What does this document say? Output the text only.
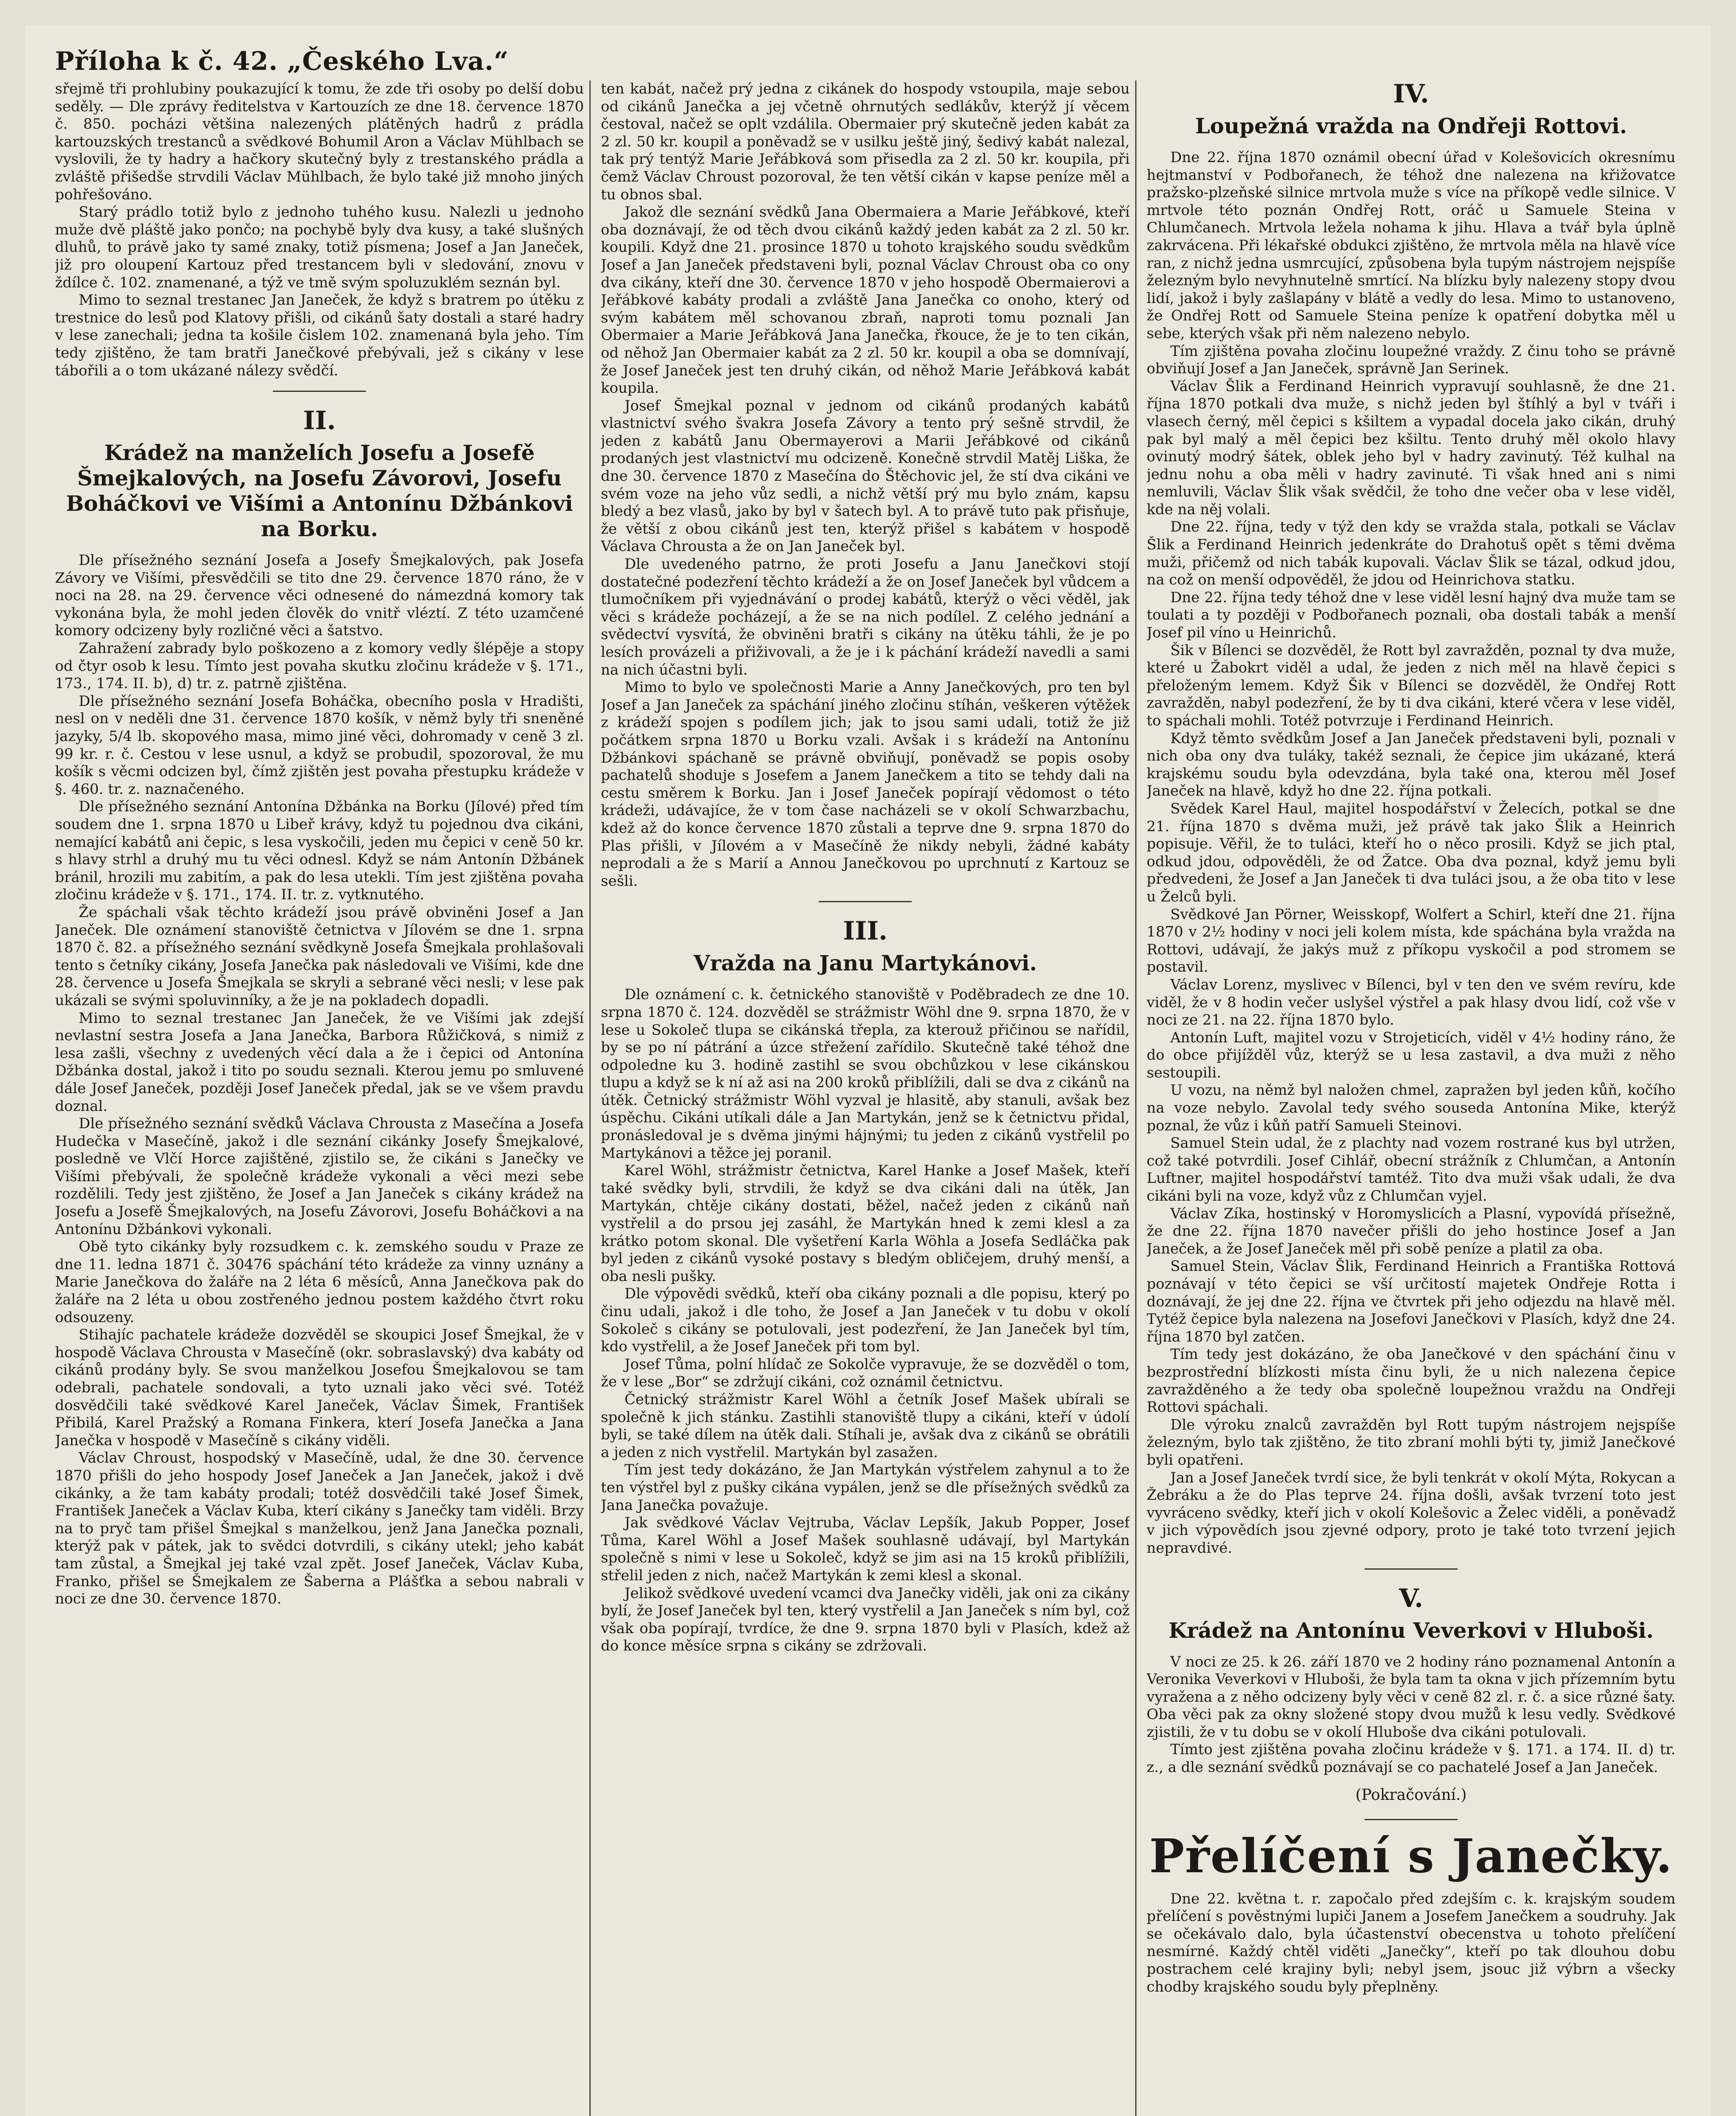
Příloha k č. 42. „Českého Lva.“

sřejmě tři prohlubiny poukazující k tomu, že zde tři osoby po delší dobu seděly. — Dle zprávy ředitelstva v Kartouzích ze dne 18. července 1870 č. 850. pocházi většina nalezených plátěných hadrů z prádla kartouzských trestanců a svědkové Bohumil Aron a Václav Mühlbach se vyslovili, že ty hadry a hačkory skutečný byly z trestanského prádla a zvláště přišedše strvdili Václav Mühlbach, že bylo také již mnoho jiných pohřešováno.

Starý prádlo totiž bylo z jednoho tuhého kusu. Nalezli u jednoho muže dvě pláště jako pončo; na pochybě byly dva kusy, a také slušných dluhů, to právě jako ty samé znaky, totiž písmena; Josef a Jan Janeček, již pro oloupení Kartouz před trestancem byli v sledování, znovu v ždílce č. 102. znamenané, a týž ve tmě svým spoluzuklém seznán byl.

Mimo to seznal trestanec Jan Janeček, že když s bratrem po útěku z trestnice do lesů pod Klatovy přišli, od cikánů šaty dostali a staré hadry v lese zanechali; jedna ta košile čislem 102. znamenaná byla jeho. Tím tedy zjištěno, že tam bratři Janečkové přebývali, jež s cikány v lese tábořili a o tom ukázané nálezy svědčí.

II.
Krádež na manželích Josefu a Josefě Šmejkalových, na Josefu Závorovi, Josefu Boháčkovi ve Višími a Antonínu Džbánkovi na Borku.

Dle přísežného seznání Josefa a Josefy Šmejkalových, pak Josefa Závory ve Višími, přesvědčili se tito dne 29. července 1870 ráno, že v noci na 28. na 29. července věci odnesené do námezdná komory tak vykonána byla, že mohl jeden člověk do vnitř vléztí. Z této uzamčené komory odcizeny byly rozličné věci a šatstvo.

Zahražení zabrady bylo poškozeno a z komory vedly šlépěje a stopy od čtyr osob k lesu. Tímto jest povaha skutku zločinu krádeže v §. 171., 173., 174. II. b), d) tr. z. patrně zjištěna.

Dle přísežného seznání Josefa Boháčka, obecního posla v Hradišti, nesl on v neděli dne 31. července 1870 košík, v němž byly tři sneněné jazyky, 5/4 lb. skopového masa, mimo jiné věci, dohromady v ceně 3 zl. 99 kr. r. č. Cestou v lese usnul, a když se probudil, spozoroval, že mu košík s věcmi odcizen byl, čímž zjištěn jest povaha přestupku krádeže v §. 460. tr. z. naznačeného.

Dle přísežného seznání Antonína Džbánka na Borku (Jílové) před tím soudem dne 1. srpna 1870 u Libeř krávy, když tu pojednou dva cikáni, nemající kabátů ani čepic, s lesa vyskočili, jeden mu čepici v ceně 50 kr. s hlavy strhl a druhý mu tu věci odnesl. Když se nám Antonín Džbánek bránil, hrozili mu zabitím, a pak do lesa utekli. Tím jest zjištěna povaha zločinu krádeže v §. 171., 174. II. tr. z. vytknutého.

Že spáchali však těchto krádeží jsou právě obviněni Josef a Jan Janeček. Dle oznámení stanoviště četnictva v Jílovém se dne 1. srpna 1870 č. 82. a přísežného seznání svědkyně Josefa Šmejkala prohlašovali tento s četníky cikány, Josefa Janečka pak následovali ve Višími, kde dne 28. července u Josefa Šmejkala se skryli a sebrané věci nesli; v lese pak ukázali se svými spoluvinníky, a že je na pokladech dopadli.

Mimo to seznal trestanec Jan Janeček, že ve Višími jak zdejší nevlastní sestra Josefa a Jana Janečka, Barbora Růžičková, s nimiž z lesa zašli, všechny z uvedených věcí dala a že i čepici od Antonína Džbánka dostal, jakož i tito po soudu seznali. Kterou jemu po smluvené dále Josef Janeček, později Josef Janeček předal, jak se ve všem pravdu doznal.

Dle přísežného seznání svědků Václava Chrousta z Masečína a Josefa Hudečka v Masečíně, jakož i dle seznání cikánky Josefy Šmejkalové, posledně ve Vlčí Horce zajištěné, zjistilo se, že cikáni s Janečky ve Višími přebývali, že společně krádeže vykonali a věci mezi sebe rozdělili. Tedy jest zjištěno, že Josef a Jan Janeček s cikány krádež na Josefu a Josefě Šmejkalových, na Josefu Závorovi, Josefu Boháčkovi a na Antonínu Džbánkovi vykonali.

Obě tyto cikánky byly rozsudkem c. k. zemského soudu v Praze ze dne 11. ledna 1871 č. 30476 spáchání této krádeže za vinny uznány a Marie Janečkova do žaláře na 2 léta 6 měsíců, Anna Janečkova pak do žaláře na 2 léta u obou zostřeného jednou postem každého čtvrt roku odsouzeny.

Stihajíc pachatele krádeže dozvěděl se skoupici Josef Šmejkal, že v hospodě Václava Chrousta v Masečíně (okr. sobraslavský) dva kabáty od cikánů prodány byly. Se svou manželkou Josefou Šmejkalovou se tam odebrali, pachatele sondovali, a tyto uznali jako věci své. Totéž dosvědčili také svědkové Karel Janeček, Václav Šimek, František Přibilá, Karel Pražský a Romana Finkera, kterí Josefa Janečka a Jana Janečka v hospodě v Masečíně s cikány viděli.

Václav Chroust, hospodský v Masečíně, udal, že dne 30. července 1870 přišli do jeho hospody Josef Janeček a Jan Janeček, jakož i dvě cikánky, a že tam kabáty prodali; totéž dosvědčili také Josef Šimek, František Janeček a Václav Kuba, kterí cikány s Janečky tam viděli. Brzy na to pryč tam přišel Šmejkal s manželkou, jenž Jana Janečka poznali, kterýž pak v pátek, jak to svědci dotvrdili, s cikány utekl; jeho kabát tam zůstal, a Šmejkal jej také vzal zpět. Josef Janeček, Václav Kuba, Franko, přišel se Šmejkalem ze Šaberna a Plášťka a sebou nabrali v noci ze dne 30. července 1870.

ten kabát, načež prý jedna z cikánek do hospody vstoupila, maje sebou od cikánů Janečka a jej včetně ohrnutých sedlákův, kterýž jí věcem čestoval, načež se oplt vzdálila. Obermaier prý skutečně jeden kabát za 2 zl. 50 kr. koupil a poněvadž se v usilku ještě jiný, šedivý kabát nalezal, tak prý tentýž Marie Jeřábková som přisedla za 2 zl. 50 kr. koupila, při čemž Václav Chroust pozoroval, že ten větší cikán v kapse peníze měl a tu obnos sbal.

Jakož dle seznání svědků Jana Obermaiera a Marie Jeřábkové, kteří oba doznávají, že od těch dvou cikánů každý jeden kabát za 2 zl. 50 kr. koupili. Když dne 21. prosince 1870 u tohoto krajského soudu svědkům Josef a Jan Janeček představeni byli, poznal Václav Chroust oba co ony dva cikány, kteří dne 30. července 1870 v jeho hospodě Obermaierovi a Jeřábkové kabáty prodali a zvláště Jana Janečka co onoho, který od svým kabátem měl schovanou zbraň, naproti tomu poznali Jan Obermaier a Marie Jeřábková Jana Janečka, řkouce, že je to ten cikán, od něhož Jan Obermaier kabát za 2 zl. 50 kr. koupil a oba se domnívají, že Josef Janeček jest ten druhý cikán, od něhož Marie Jeřábková kabát koupila.

Josef Šmejkal poznal v jednom od cikánů prodaných kabátů vlastnictví svého švakra Josefa Závory a tento prý sešně strvdil, že jeden z kabátů Janu Obermayerovi a Marii Jeřábkové od cikánů prodaných jest vlastnictví mu odcizeně. Konečně strvdil Matěj Liška, že dne 30. července 1870 z Masečína do Štěchovic jel, že stí dva cikáni ve svém voze na jeho vůz sedli, a nichž větší prý mu bylo znám, kapsu bledý a bez vlasů, jako by byl v šatech byl. A to právě tuto pak přisňuje, že větší z obou cikánů jest ten, kterýž přišel s kabátem v hospodě Václava Chrousta a že on Jan Janeček byl.

Dle uvedeného patrno, že proti Josefu a Janu Janečkovi stojí dostatečné podezření těchto krádeží a že on Josef Janeček byl vůdcem a tlumočníkem při vyjednávání o prodej kabátů, kterýž o věci věděl, jak věci s krádeže pocházejí, a že se na nich podílel. Z celého jednání a svědectví vysvítá, že obviněni bratři s cikány na útěku táhli, že je po lesích provázeli a přiživovali, a že je i k páchání krádeží navedli a sami na nich účastni byli.

Mimo to bylo ve společnosti Marie a Anny Janečkových, pro ten byl Josef a Jan Janeček za spáchání jiného zločinu stíhán, veškeren výtěžek z krádeží spojen s podílem jich; jak to jsou sami udali, totiž že již počátkem srpna 1870 u Borku vzali. Avšak i s krádeží na Antonínu Džbánkovi spáchaně se právně obviňují, poněvadž se popis osoby pachatelů shoduje s Josefem a Janem Janečkem a tito se tehdy dali na cestu směrem k Borku. Jan i Josef Janeček popírají vědomost o této krádeži, udávajíce, že v tom čase nacházeli se v okolí Schwarzbachu, kdež až do konce července 1870 zůstali a teprve dne 9. srpna 1870 do Plas přišli, v Jílovém a v Masečíně že nikdy nebyli, žádné kabáty neprodali a že s Marií a Annou Janečkovou po uprchnutí z Kartouz se sešli.

III.
Vražda na Janu Martykánovi.

Dle oznámení c. k. četnického stanoviště v Poděbradech ze dne 10. srpna 1870 č. 124. dozvěděl se strážmistr Wöhl dne 9. srpna 1870, že v lese u Sokoleč tlupa se cikánská třepla, za kterouž přičinou se nařídil, by se po ní pátrání a úzce střežení zařídilo. Skutečně také téhož dne odpoledne ku 3. hodině zastihl se svou obchůzkou v lese cikánskou tlupu a když se k ní až asi na 200 kroků přiblížili, dali se dva z cikánů na útěk. Četnický strážmistr Wöhl vyzval je hlasitě, aby stanuli, avšak bez úspěchu. Cikáni utíkali dále a Jan Martykán, jenž se k četnictvu přidal, pronásledoval je s dvěma jinými hájnými; tu jeden z cikánů vystřelil po Martykánovi a těžce jej poranil.

Karel Wöhl, strážmistr četnictva, Karel Hanke a Josef Mašek, kteří také svědky byli, strvdili, že když se dva cikáni dali na útěk, Jan Martykán, chtěje cikány dostati, běžel, načež jeden z cikánů naň vystřelil a do prsou jej zasáhl, že Martykán hned k zemi klesl a za krátko potom skonal. Dle vyšetření Karla Wöhla a Josefa Sedláčka pak byl jeden z cikánů vysoké postavy s bledým obličejem, druhý menší, a oba nesli pušky.

Dle výpovědi svědků, kteří oba cikány poznali a dle popisu, který po činu udali, jakož i dle toho, že Josef a Jan Janeček v tu dobu v okolí Sokoleč s cikány se potulovali, jest podezření, že Jan Janeček byl tím, kdo vystřelil, a že Josef Janeček při tom byl.

Josef Tůma, polní hlídač ze Sokolče vypravuje, že se dozvěděl o tom, že v lese „Bor“ se zdržují cikáni, což oznámil četnictvu.

Četnický strážmistr Karel Wöhl a četník Josef Mašek ubírali se společně k jich stánku. Zastihli stanoviště tlupy a cikáni, kteří v údolí byli, se také dílem na útěk dali. Stíhali je, avšak dva z cikánů se obrátili a jeden z nich vystřelil. Martykán byl zasažen.

Tím jest tedy dokázáno, že Jan Martykán výstřelem zahynul a to že ten výstřel byl z pušky cikána vypálen, jenž se dle přísežných svědků za Jana Janečka považuje.

Jak svědkové Václav Vejtruba, Václav Lepšík, Jakub Popper, Josef Tůma, Karel Wöhl a Josef Mašek souhlasně udávají, byl Martykán společně s nimi v lese u Sokoleč, když se jim asi na 15 kroků přiblížili, střelil jeden z nich, načež Martykán k zemi klesl a skonal.

Jelikož svědkové uvedení vcamci dva Janečky viděli, jak oni za cikány bylí, že Josef Janeček byl ten, který vystřelil a Jan Janeček s ním byl, což však oba popírají, tvrdíce, že dne 9. srpna 1870 byli v Plasích, kdež až do konce měsíce srpna s cikány se zdržovali.

IV.
Loupežná vražda na Ondřeji Rottovi.

Dne 22. října 1870 oznámil obecní úřad v Kolešovicích okresnímu hejtmanství v Podbořanech, že téhož dne nalezena na křižovatce pražsko-plzeňské silnice mrtvola muže s více na příkopě vedle silnice. V mrtvole této poznán Ondřej Rott, oráč u Samuele Steina v Chlumčanech. Mrtvola ležela nohama k jihu. Hlava a tvář byla úplně zakrvácena. Při lékařské obdukci zjištěno, že mrtvola měla na hlavě více ran, z nichž jedna usmrcující, způsobena byla tupým nástrojem nejspíše železným bylo nevyhnutelně smrtící. Na blízku byly nalezeny stopy dvou lidí, jakož i byly zašlapány v blátě a vedly do lesa. Mimo to ustanoveno, že Ondřej Rott od Samuele Steina peníze k opatření dobytka měl u sebe, kterých však při něm nalezeno nebylo.

Tím zjištěna povaha zločinu loupežné vraždy. Z činu toho se právně obviňují Josef a Jan Janeček, správně Jan Serinek.

Václav Šlik a Ferdinand Heinrich vypravují souhlasně, že dne 21. října 1870 potkali dva muže, s nichž jeden byl štíhlý a byl v tváři i vlasech černý, měl čepici s kšiltem a vypadal docela jako cikán, druhý pak byl malý a měl čepici bez kšiltu. Tento druhý měl okolo hlavy ovinutý modrý šátek, oblek jeho byl v hadry zavinutý. Též kulhal na jednu nohu a oba měli v hadry zavinuté. Ti však hned ani s nimi nemluvili, Václav Šlik však svědčil, že toho dne večer oba v lese viděl, kde na něj volali.

Dne 22. října, tedy v týž den kdy se vražda stala, potkali se Václav Šlik a Ferdinand Heinrich jedenkráte do Drahotuš opět s těmi dvěma muži, přičemž od nich tabák kupovali. Václav Šlik se tázal, odkud jdou, na což on menší odpověděl, že jdou od Heinrichova statku.

Dne 22. října tedy téhož dne v lese viděl lesní hajný dva muže tam se toulati a ty později v Podbořanech poznali, oba dostali tabák a menší Josef pil víno u Heinrichů.

Šik v Bílenci se dozvěděl, že Rott byl zavražděn, poznal ty dva muže, které u Žabokrt viděl a udal, že jeden z nich měl na hlavě čepici s přeloženým lemem. Když Šik v Bílenci se dozvěděl, že Ondřej Rott zavražděn, nabyl podezření, že by ti dva cikáni, které včera v lese viděl, to spáchali mohli. Totéž potvrzuje i Ferdinand Heinrich.

Když těmto svědkům Josef a Jan Janeček představeni byli, poznali v nich oba ony dva tuláky, takéž seznali, že čepice jim ukázané, která krajskému soudu byla odevzdána, byla také ona, kterou měl Josef Janeček na hlavě, když ho dne 22. října potkali.

Svědek Karel Haul, majitel hospodářství v Želecích, potkal se dne 21. října 1870 s dvěma muži, jež právě tak jako Šlik a Heinrich popisuje. Věřil, že to tuláci, kteří ho o něco prosili. Když se jich ptal, odkud jdou, odpověděli, že od Žatce. Oba dva poznal, když jemu byli předvedeni, že Josef a Jan Janeček ti dva tuláci jsou, a že oba tito v lese u Želců byli.

Svědkové Jan Pörner, Weisskopf, Wolfert a Schirl, kteří dne 21. října 1870 v 2½ hodiny v noci jeli kolem místa, kde spáchána byla vražda na Rottovi, udávají, že jakýs muž z příkopu vyskočil a pod stromem se postavil.

Václav Lorenz, myslivec v Bílenci, byl v ten den ve svém revíru, kde viděl, že v 8 hodin večer uslyšel výstřel a pak hlasy dvou lidí, což vše v noci ze 21. na 22. října 1870 bylo.

Antonín Luft, majitel vozu v Strojeticích, viděl v 4½ hodiny ráno, že do obce přijížděl vůz, kterýž se u lesa zastavil, a dva muži z něho sestoupili.

U vozu, na němž byl naložen chmel, zapražen byl jeden kůň, kočího na voze nebylo. Zavolal tedy svého souseda Antonína Mike, kterýž poznal, že vůz i kůň patří Samueli Steinovi.

Samuel Stein udal, že z plachty nad vozem rostrané kus byl utržen, což také potvrdili. Josef Cihlář, obecní strážník z Chlumčan, a Antonín Luftner, majitel hospodářství tamtéž. Tito dva muži však udali, že dva cikáni byli na voze, když vůz z Chlumčan vyjel.

Václav Zíka, hostinský v Horomyslicích a Plasní, vypovídá přísežně, že dne 22. října 1870 navečer přišli do jeho hostince Josef a Jan Janeček, a že Josef Janeček měl při sobě peníze a platil za oba.

Samuel Stein, Václav Šlik, Ferdinand Heinrich a Františka Rottová poznávají v této čepici se vší určitostí majetek Ondřeje Rotta i doznávají, že jej dne 22. října ve čtvrtek při jeho odjezdu na hlavě měl. Tytéž čepice byla nalezena na Josefovi Janečkovi v Plasích, když dne 24. října 1870 byl zatčen.

Tím tedy jest dokázáno, že oba Janečkové v den spáchání činu v bezprostřední blízkosti místa činu byli, že u nich nalezena čepice zavražděného a že tedy oba společně loupežnou vraždu na Ondřeji Rottovi spáchali.

Dle výroku znalců zavražděn byl Rott tupým nástrojem nejspíše železným, bylo tak zjištěno, že tito zbraní mohli býti ty, jimiž Janečkové byli opatřeni.

Jan a Josef Janeček tvrdí sice, že byli tenkrát v okolí Mýta, Rokycan a Žebráku a že do Plas teprve 24. října došli, avšak tvrzení toto jest vyvráceno svědky, kteří jich v okolí Kolešovic a Želec viděli, a poněvadž v jich výpovědích jsou zjevné odpory, proto je také toto tvrzení jejich nepravdivé.

V.
Krádež na Antonínu Veverkovi v Hluboši.

V noci ze 25. k 26. září 1870 ve 2 hodiny ráno poznamenal Antonín a Veronika Veverkovi v Hluboši, že byla tam ta okna v jich přízemním bytu vyražena a z něho odcizeny byly věci v ceně 82 zl. r. č. a sice různé šaty. Oba věci pak za okny složené stopy dvou mužů k lesu vedly. Svědkové zjistili, že v tu dobu se v okolí Hluboše dva cikáni potulovali.

Tímto jest zjištěna povaha zločinu krádeže v §. 171. a 174. II. d) tr. z., a dle seznání svědků poznávají se co pachatelé Josef a Jan Janeček.

(Pokračování.)
Přelíčení s Janečky.

Dne 22. května t. r. započalo před zdejším c. k. krajským soudem přelíčení s pověstnými lupiči Janem a Josefem Janečkem a soudruhy. Jak se očekávalo dalo, byla účastenství obecenstva u tohoto přelíčení nesmírné. Každý chtěl viděti „Janečky“, kteří po tak dlouhou dobu postrachem celé krajiny byli; nebyl jsem, jsouc již výbrn a všecky chodby krajského soudu byly přeplněny.
